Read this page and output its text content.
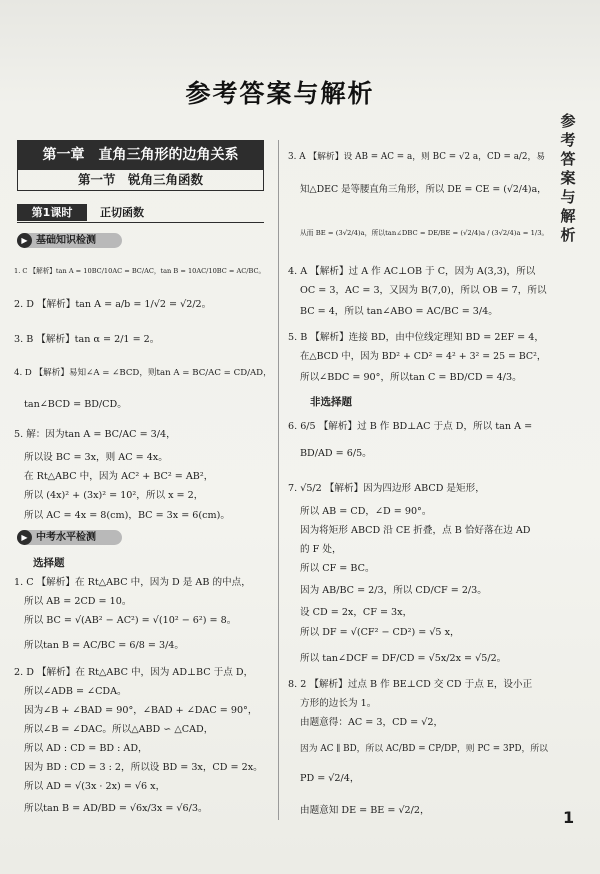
参考答案与解析
参
考
答
案
与
解
析
第一章　直角三角形的边角关系
第一节　锐角三角函数
第1课时	正切函数
▶ 基础知识检测
▶ 中考水平检测
选择题
非选择题
1. C 【解析】tan A = 10BC/10AC = BC/AC，tan B = 10AC/10BC = AC/BC。
2. D 【解析】tan A = a/b = 1/√2 = √2/2。
3. B 【解析】tan α = 2/1 = 2。
4. D 【解析】易知∠A = ∠BCD，则tan A = BC/AC = CD/AD，
tan∠BCD = BD/CD。
5. 解：因为tan A = BC/AC = 3/4，
所以设 BC = 3x，则 AC = 4x。
在 Rt△ABC 中，因为 AC² + BC² = AB²，
所以 (4x)² + (3x)² = 10²，所以 x = 2，
所以 AC = 4x = 8(cm)，BC = 3x = 6(cm)。
1. C 【解析】在 Rt△ABC 中，因为 D 是 AB 的中点，
所以 AB = 2CD = 10。
所以 BC = √(AB² − AC²) = √(10² − 6²) = 8。
所以tan B = AC/BC = 6/8 = 3/4。
2. D 【解析】在 Rt△ABC 中，因为 AD⊥BC 于点 D，
所以∠ADB = ∠CDA。
因为∠B + ∠BAD = 90°，∠BAD + ∠DAC = 90°，
所以∠B = ∠DAC。所以△ABD ∽ △CAD，
所以 AD : CD = BD : AD，
因为 BD : CD = 3 : 2，所以设 BD = 3x，CD = 2x。
所以 AD = √(3x · 2x) = √6 x，
所以tan B = AD/BD = √6x/3x = √6/3。
3. A 【解析】设 AB = AC = a，则 BC = √2 a，CD = a/2，易
知△DEC 是等腰直角三角形，所以 DE = CE = (√2/4)a，
从而 BE = (3√2/4)a，所以tan∠DBC = DE/BE = (√2/4)a / (3√2/4)a = 1/3。
4. A 【解析】过 A 作 AC⊥OB 于 C，因为 A(3,3)，所以
OC = 3，AC = 3，又因为 B(7,0)，所以 OB = 7，所以
BC = 4，所以 tan∠ABO = AC/BC = 3/4。
5. B 【解析】连接 BD，由中位线定理知 BD = 2EF = 4，
在△BCD 中，因为 BD² + CD² = 4² + 3² = 25 = BC²，
所以∠BDC = 90°，所以tan C = BD/CD = 4/3。
6. 6/5 【解析】过 B 作 BD⊥AC 于点 D，所以 tan A =
BD/AD = 6/5。
7. √5/2 【解析】因为四边形 ABCD 是矩形，
所以 AB = CD，∠D = 90°。
因为将矩形 ABCD 沿 CE 折叠，点 B 恰好落在边 AD
的 F 处，
所以 CF = BC。
因为 AB/BC = 2/3，所以 CD/CF = 2/3。
设 CD = 2x，CF = 3x，
所以 DF = √(CF² − CD²) = √5 x，
所以 tan∠DCF = DF/CD = √5x/2x = √5/2。
8. 2 【解析】过点 B 作 BE⊥CD 交 CD 于点 E，设小正
方形的边长为 1。
由题意得：AC = 3，CD = √2，
因为 AC ∥ BD，所以 AC/BD = CP/DP，则 PC = 3PD，所以
PD = √2/4，
由题意知 DE = BE = √2/2，	1
